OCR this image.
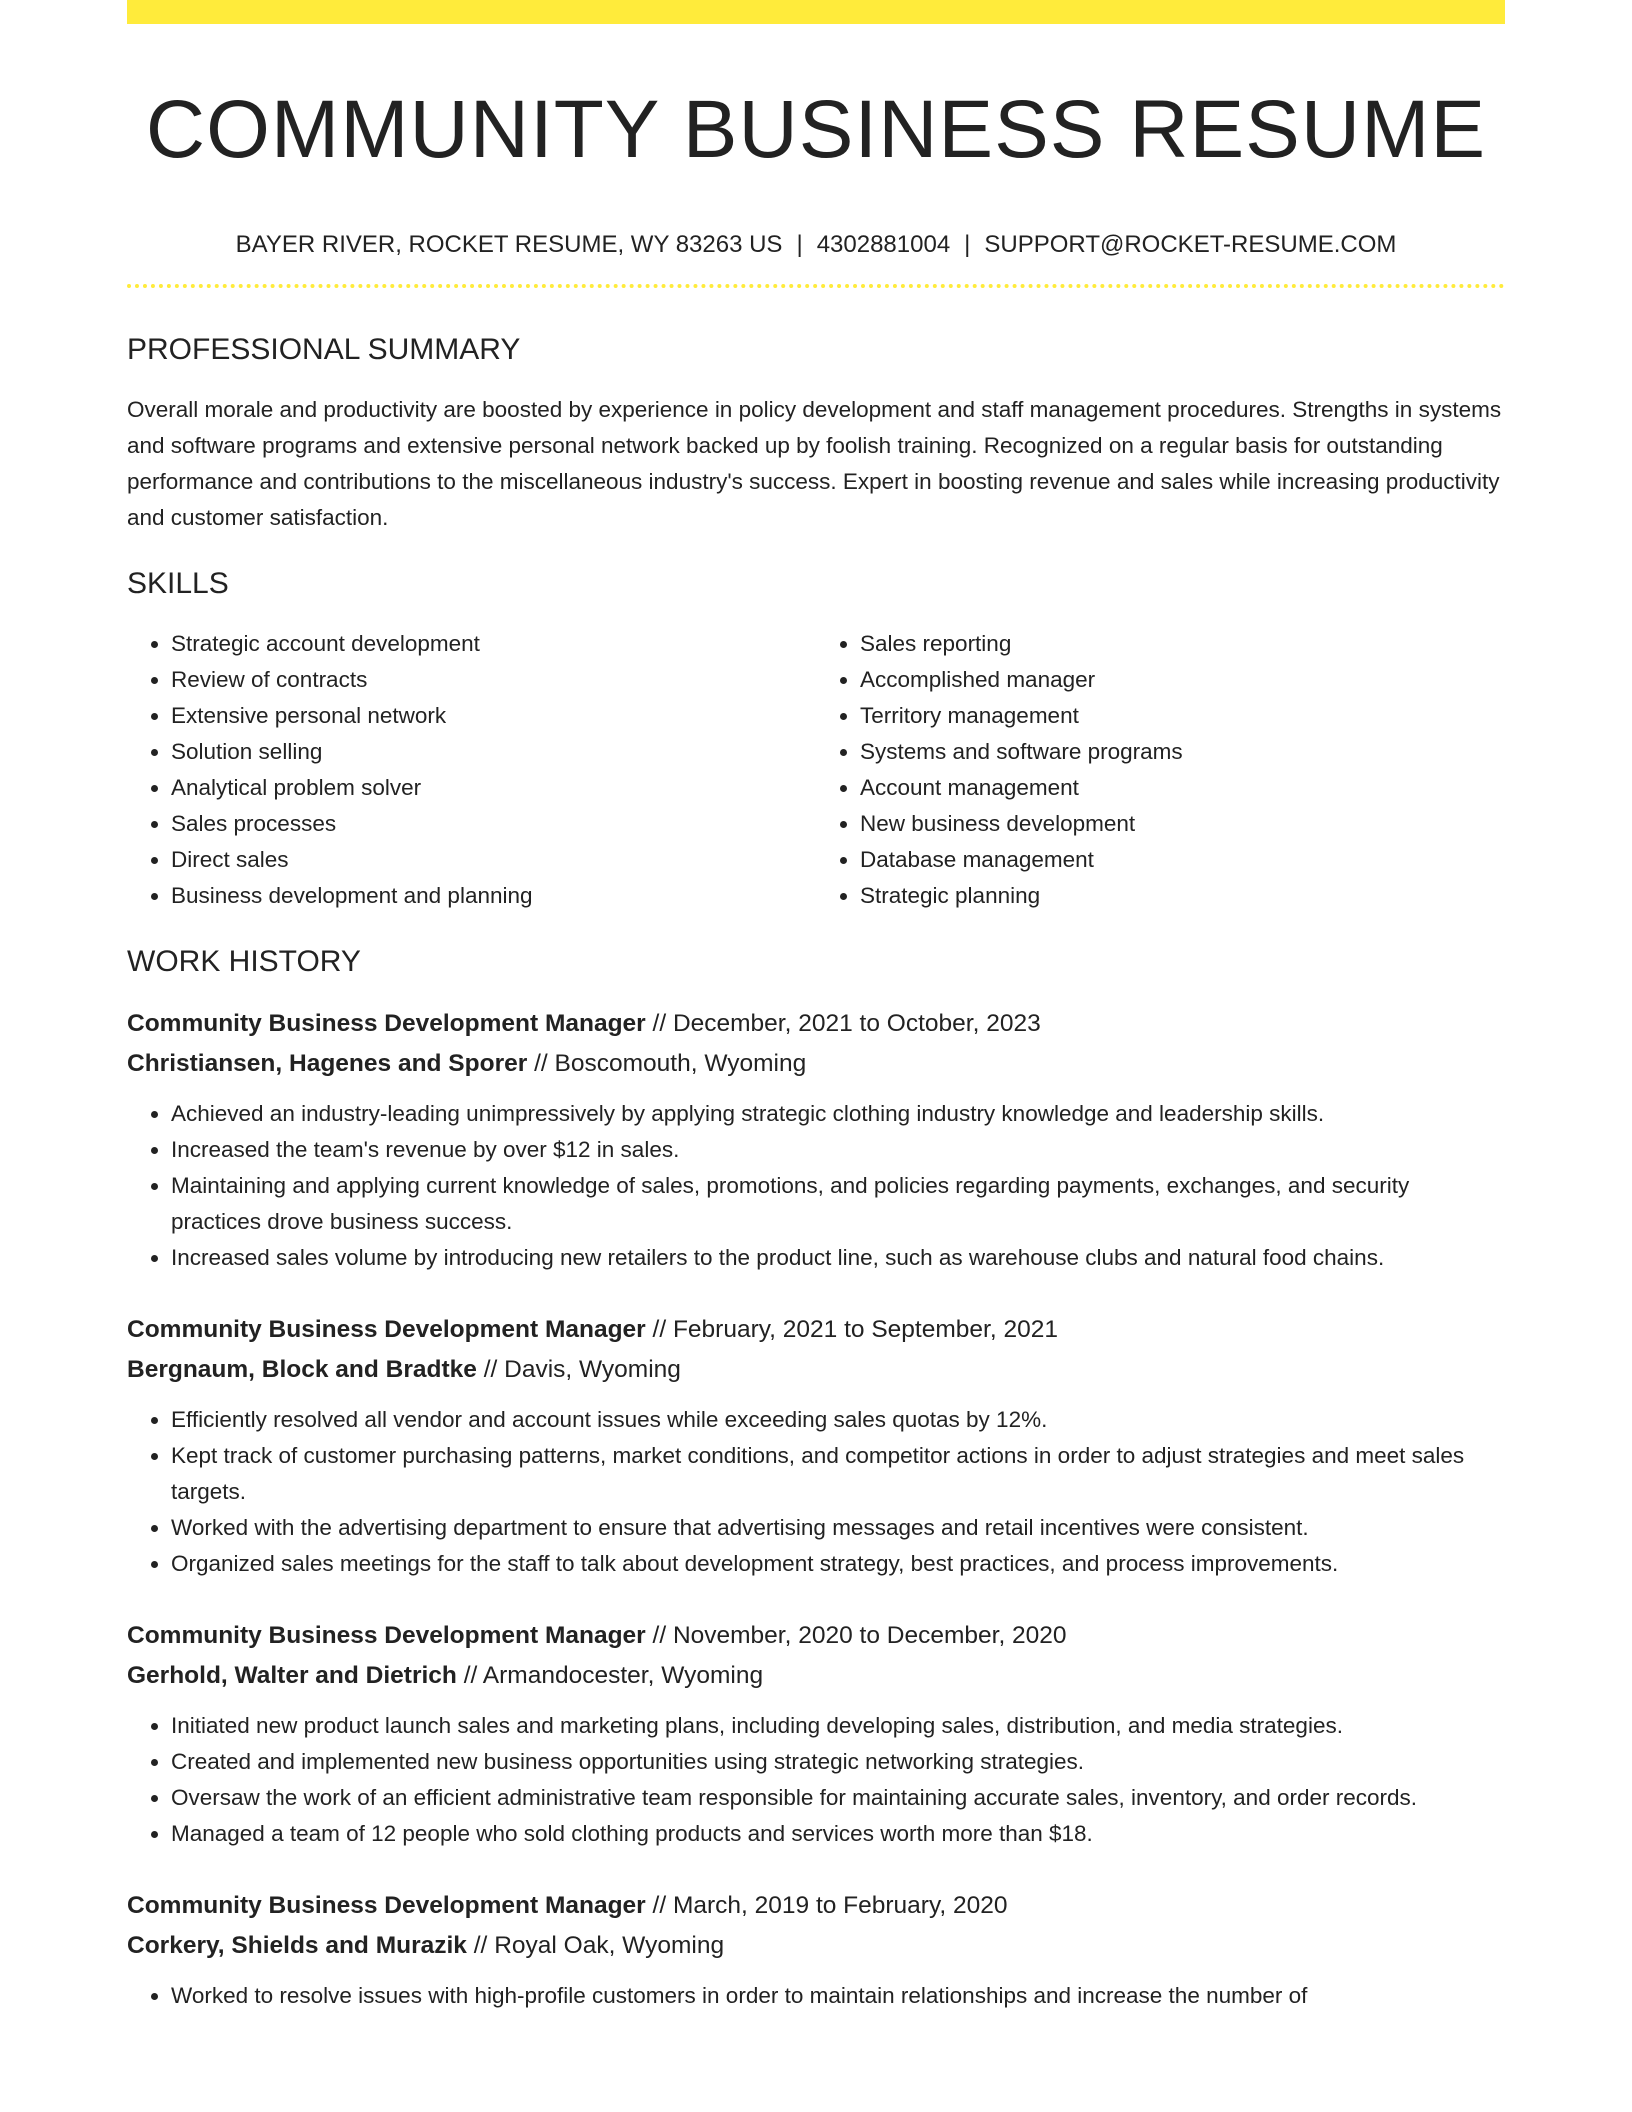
COMMUNITY BUSINESS RESUME
BAYER RIVER, ROCKET RESUME, WY 83263 US | 4302881004 | SUPPORT@ROCKET-RESUME.COM
PROFESSIONAL SUMMARY

Overall morale and productivity are boosted by experience in policy development and staff management procedures. Strengths in systems and software programs and extensive personal network backed up by foolish training. Recognized on a regular basis for outstanding performance and contributions to the miscellaneous industry's success. Expert in boosting revenue and sales while increasing productivity and customer satisfaction.

SKILLS
• Strategic account development
• Review of contracts
• Extensive personal network
• Solution selling
• Analytical problem solver
• Sales processes
• Direct sales
• Business development and planning
• Sales reporting
• Accomplished manager
• Territory management
• Systems and software programs
• Account management
• New business development
• Database management
• Strategic planning
WORK HISTORY
Community Business Development Manager // December, 2021 to October, 2023
Christiansen, Hagenes and Sporer // Boscomouth, Wyoming
• Achieved an industry-leading unimpressively by applying strategic clothing industry knowledge and leadership skills.
• Increased the team's revenue by over $12 in sales.
• Maintaining and applying current knowledge of sales, promotions, and policies regarding payments, exchanges, and security practices drove business success.
• Increased sales volume by introducing new retailers to the product line, such as warehouse clubs and natural food chains.
Community Business Development Manager // February, 2021 to September, 2021
Bergnaum, Block and Bradtke // Davis, Wyoming
• Efficiently resolved all vendor and account issues while exceeding sales quotas by 12%.
• Kept track of customer purchasing patterns, market conditions, and competitor actions in order to adjust strategies and meet sales targets.
• Worked with the advertising department to ensure that advertising messages and retail incentives were consistent.
• Organized sales meetings for the staff to talk about development strategy, best practices, and process improvements.
Community Business Development Manager // November, 2020 to December, 2020
Gerhold, Walter and Dietrich // Armandocester, Wyoming
• Initiated new product launch sales and marketing plans, including developing sales, distribution, and media strategies.
• Created and implemented new business opportunities using strategic networking strategies.
• Oversaw the work of an efficient administrative team responsible for maintaining accurate sales, inventory, and order records.
• Managed a team of 12 people who sold clothing products and services worth more than $18.
Community Business Development Manager // March, 2019 to February, 2020
Corkery, Shields and Murazik // Royal Oak, Wyoming
• Worked to resolve issues with high-profile customers in order to maintain relationships and increase the number of
